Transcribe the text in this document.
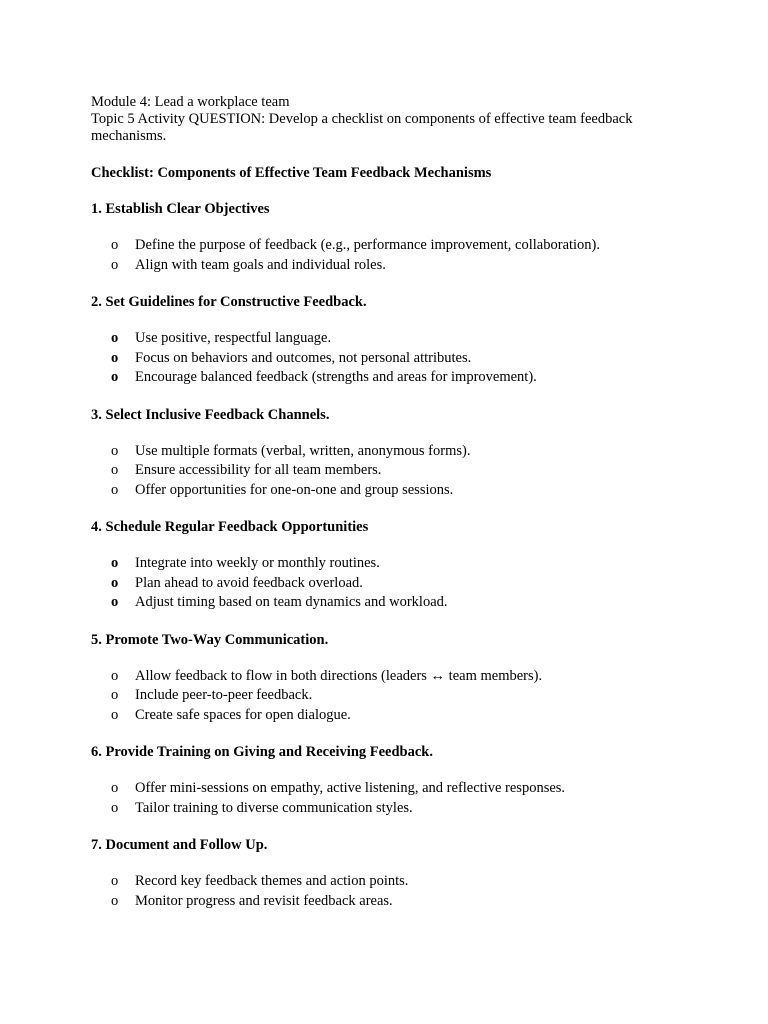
Module 4: Lead a workplace team

Topic 5 Activity QUESTION: Develop a checklist on components of effective team feedback mechanisms.

Checklist: Components of Effective Team Feedback Mechanisms

1. Establish Clear Objectives

o Define the purpose of feedback (e.g., performance improvement, collaboration).
o Align with team goals and individual roles.

2. Set Guidelines for Constructive Feedback.

o Use positive, respectful language.
o Focus on behaviors and outcomes, not personal attributes.
o Encourage balanced feedback (strengths and areas for improvement).

3. Select Inclusive Feedback Channels.

o Use multiple formats (verbal, written, anonymous forms).
o Ensure accessibility for all team members.
o Offer opportunities for one-on-one and group sessions.

4. Schedule Regular Feedback Opportunities

o Integrate into weekly or monthly routines.
o Plan ahead to avoid feedback overload.
o Adjust timing based on team dynamics and workload.

5. Promote Two-Way Communication.

o Allow feedback to flow in both directions (leaders ↔ team members).
o Include peer-to-peer feedback.
o Create safe spaces for open dialogue.

6. Provide Training on Giving and Receiving Feedback.

o Offer mini-sessions on empathy, active listening, and reflective responses.
o Tailor training to diverse communication styles.

7. Document and Follow Up.

o Record key feedback themes and action points.
o Monitor progress and revisit feedback areas.
